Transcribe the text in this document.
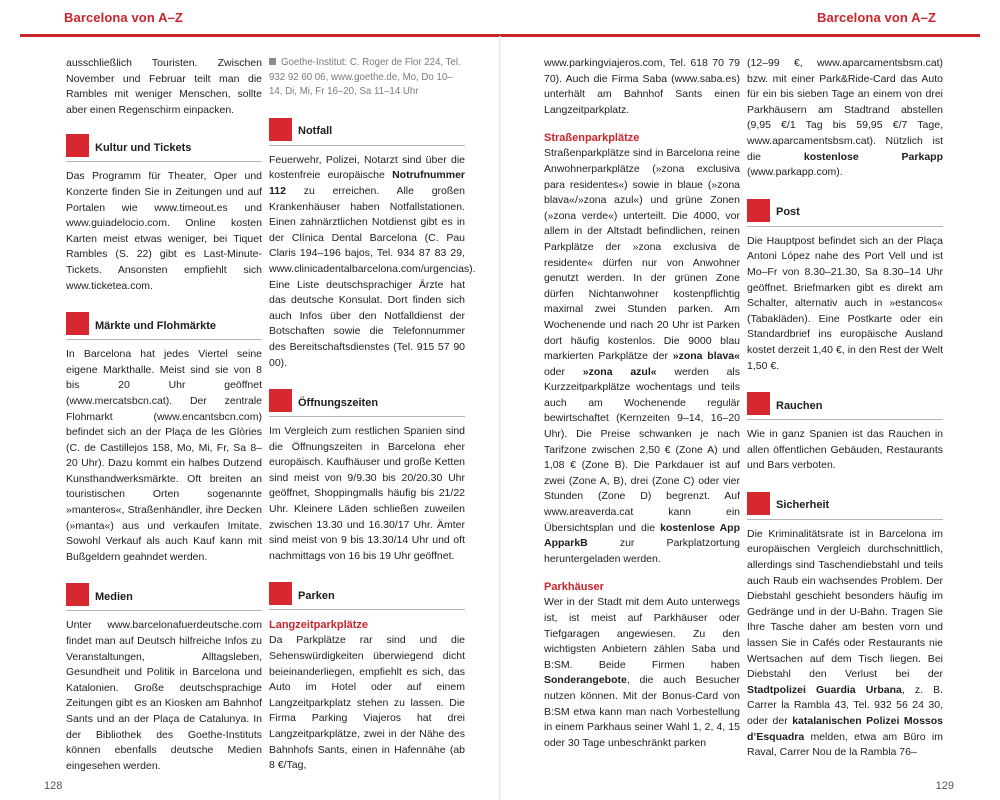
Barcelona von A–Z	Barcelona von A–Z

ausschließlich Touristen. Zwischen November und Februar teilt man die Rambles mit weniger Menschen, sollte aber einen Regenschirm einpacken.

Kultur und Tickets

Das Programm für Theater, Oper und Konzerte finden Sie in Zeitungen und auf Portalen wie www.timeout.es und www.guiadelocio.com. Online kosten Karten meist etwas weniger, bei Tiquet Rambles (S. 22) gibt es Last-Minute-Tickets. Ansonsten empfiehlt sich www.ticketea.com.

Märkte und Flohmärkte

In Barcelona hat jedes Viertel seine eigene Markthalle. Meist sind sie von 8 bis 20 Uhr geöffnet (www.mercatsbcn.cat). Der zentrale Flohmarkt (www.encantsbcn.com) befindet sich an der Plaça de les Glòries (C. de Castillejos 158, Mo, Mi, Fr, Sa 8–20 Uhr). Dazu kommt ein halbes Dutzend Kunsthandwerksmärkte. Oft breiten an touristischen Orten sogenannte »manteros«, Straßenhändler, ihre Decken (»manta«) aus und verkaufen Imitate. Sowohl Verkauf als auch Kauf kann mit Bußgeldern geahndet werden.

Medien

Unter www.barcelonafuerdeutsche.com findet man auf Deutsch hilfreiche Infos zu Veranstaltungen, Alltagsleben, Gesundheit und Politik in Barcelona und Katalonien. Große deutschsprachige Zeitungen gibt es an Kiosken am Bahnhof Sants und an der Plaça de Catalunya. In der Bibliothek des Goethe-Instituts können ebenfalls deutsche Medien eingesehen werden.

Goethe-Institut: C. Roger de Flor 224, Tel. 932 92 60 06, www.goethe.de, Mo, Do 10–14, Di, Mi, Fr 16–20, Sa 11–14 Uhr

Notfall

Feuerwehr, Polizei, Notarzt sind über die kostenfreie europäische Notrufnummer 112 zu erreichen. Alle großen Krankenhäuser haben Notfallstationen. Einen zahnärztlichen Notdienst gibt es in der Clínica Dental Barcelona (C. Pau Claris 194–196 bajos, Tel. 934 87 83 29, www.clinicadentalbarcelona.com/urgencias). Eine Liste deutschsprachiger Ärzte hat das deutsche Konsulat. Dort finden sich auch Infos über den Notfalldienst der Botschaften sowie die Telefonnummer des Bereitschaftsdienstes (Tel. 915 57 90 00).

Öffnungszeiten

Im Vergleich zum restlichen Spanien sind die Öffnungszeiten in Barcelona eher europäisch. Kaufhäuser und große Ketten sind meist von 9/9.30 bis 20/20.30 Uhr geöffnet, Shoppingmalls häufig bis 21/22 Uhr. Kleinere Läden schließen zuweilen zwischen 13.30 und 16.30/17 Uhr. Ämter sind meist von 9 bis 13.30/14 Uhr und oft nachmittags von 16 bis 19 Uhr geöffnet.

Parken
Langzeitparkplätze

Da Parkplätze rar sind und die Sehenswürdigkeiten überwiegend dicht beieinanderliegen, empfiehlt es sich, das Auto im Hotel oder auf einem Langzeitparkplatz stehen zu lassen. Die Firma Parking Viajeros hat drei Langzeitparkplätze, zwei in der Nähe des Bahnhofs Sants, einen in Hafennähe (ab 8 €/Tag,

www.parkingviajeros.com, Tel. 618 70 79 70). Auch die Firma Saba (www.saba.es) unterhält am Bahnhof Sants einen Langzeitparkplatz.

Straßenparkplätze

Straßenparkplätze sind in Barcelona reine Anwohnerparkplätze (»zona exclusiva para residentes«) sowie in blaue (»zona blava«/»zona azul«) und grüne Zonen (»zona verde«) unterteilt. Die 4000, vor allem in der Altstadt befindlichen, reinen Parkplätze der »zona exclusiva de residente« dürfen nur von Anwohner genutzt werden. In der grünen Zone dürfen Nichtanwohner kostenpflichtig maximal zwei Stunden parken. Am Wochenende und nach 20 Uhr ist Parken dort häufig kostenlos. Die 9000 blau markierten Parkplätze der »zona blava« oder »zona azul« werden als Kurzzeitparkplätze wochentags und teils auch am Wochenende regulär bewirtschaftet (Kernzeiten 9–14, 16–20 Uhr). Die Preise schwanken je nach Tarifzone zwischen 2,50 € (Zone A) und 1,08 € (Zone B). Die Parkdauer ist auf zwei (Zone A, B), drei (Zone C) oder vier Stunden (Zone D) begrenzt. Auf www.areaverda.cat kann ein Übersichtsplan und die kostenlose App ApparkB zur Parkplatzortung heruntergeladen werden.

Parkhäuser

Wer in der Stadt mit dem Auto unterwegs ist, ist meist auf Parkhäuser oder Tiefgaragen angewiesen. Zu den wichtigsten Anbietern zählen Saba und B:SM. Beide Firmen haben Sonderangebote, die auch Besucher nutzen können. Mit der Bonus-Card von B:SM etwa kann man nach Vorbestellung in einem Parkhaus seiner Wahl 1, 2, 4, 15 oder 30 Tage unbeschränkt parken

(12–99 €, www.aparcamentsbsm.cat) bzw. mit einer Park&Ride-Card das Auto für ein bis sieben Tage an einem von drei Parkhäusern am Stadtrand abstellen (9,95 €/1 Tag bis 59,95 €/7 Tage, www.aparcamentsbsm.cat). Nützlich ist die kostenlose Parkapp (www.parkapp.com).

Post

Die Hauptpost befindet sich an der Plaça Antoni López nahe des Port Vell und ist Mo–Fr von 8.30–21.30, Sa 8.30–14 Uhr geöffnet. Briefmarken gibt es direkt am Schalter, alternativ auch in »estancos« (Tabakläden). Eine Postkarte oder ein Standardbrief ins europäische Ausland kostet derzeit 1,40 €, in den Rest der Welt 1,50 €.

Rauchen

Wie in ganz Spanien ist das Rauchen in allen öffentlichen Gebäuden, Restaurants und Bars verboten.

Sicherheit

Die Kriminalitätsrate ist in Barcelona im europäischen Vergleich durchschnittlich, allerdings sind Taschendiebstahl und teils auch Raub ein wachsendes Problem. Der Diebstahl geschieht besonders häufig im Gedränge und in der U-Bahn. Tragen Sie Ihre Tasche daher am besten vorn und lassen Sie in Cafés oder Restaurants nie Wertsachen auf dem Tisch liegen. Bei Diebstahl den Verlust bei der Stadtpolizei Guardia Urbana, z. B. Carrer la Rambla 43, Tel. 932 56 24 30, oder der katalanischen Polizei Mossos d’Esquadra melden, etwa am Büro im Raval, Carrer Nou de la Rambla 76–

128	129
